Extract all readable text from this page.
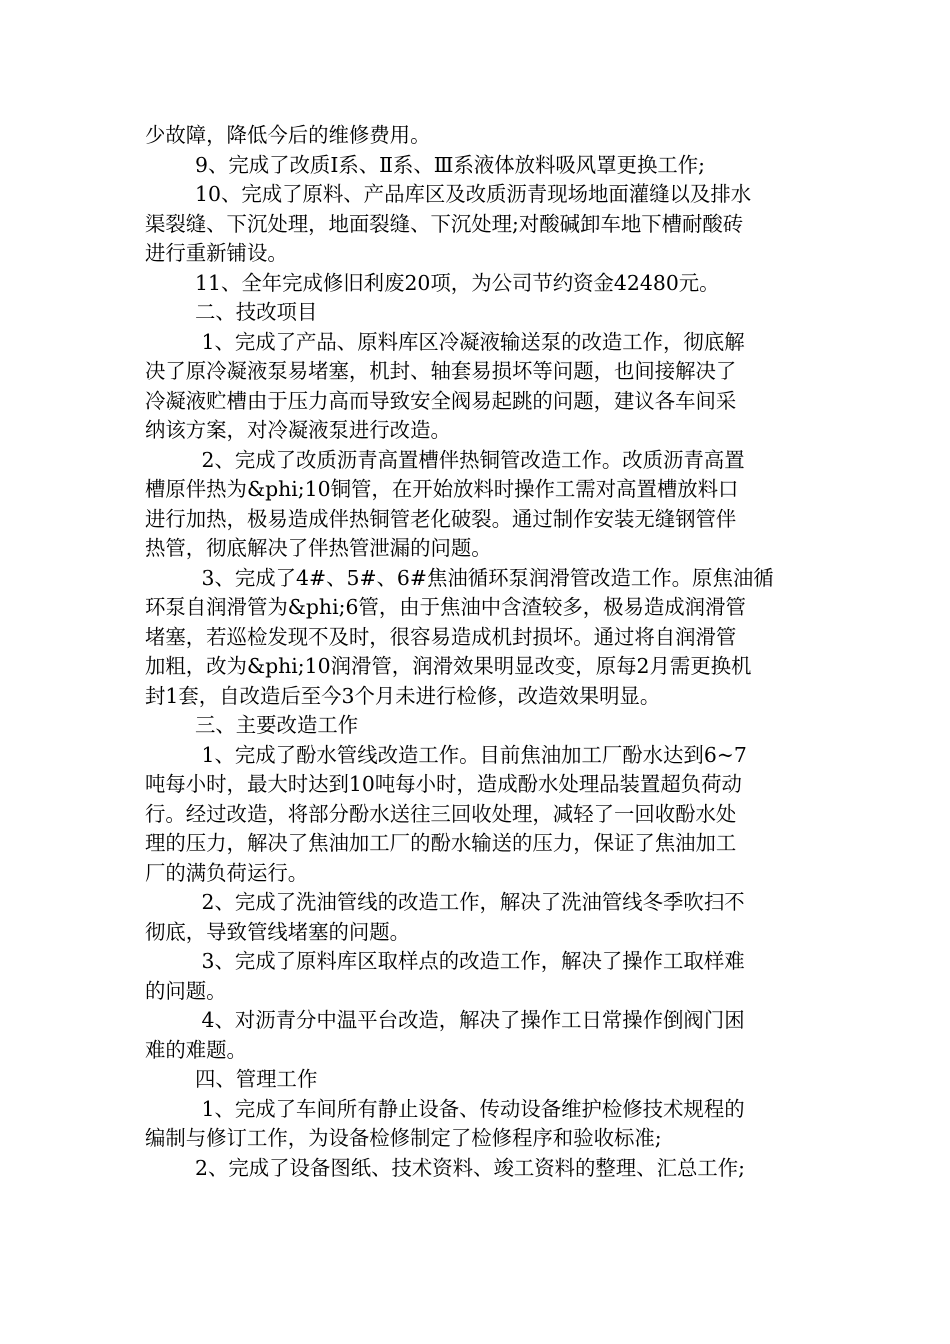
少故障，降低今后的维修费用。
9、完成了改质Ⅰ系、Ⅱ系、Ⅲ系液体放料吸风罩更换工作;
10、完成了原料、产品库区及改质沥青现场地面灌缝以及排水
渠裂缝、下沉处理，地面裂缝、下沉处理;对酸碱卸车地下槽耐酸砖
进行重新铺设。
11、全年完成修旧利废20项，为公司节约资金42480元。
二、技改项目
1、完成了产品、原料库区冷凝液输送泵的改造工作，彻底解
决了原冷凝液泵易堵塞，机封、轴套易损坏等问题，也间接解决了
冷凝液贮槽由于压力高而导致安全阀易起跳的问题，建议各车间采
纳该方案，对冷凝液泵进行改造。
2、完成了改质沥青高置槽伴热铜管改造工作。改质沥青高置
槽原伴热为&phi;10铜管，在开始放料时操作工需对高置槽放料口
进行加热，极易造成伴热铜管老化破裂。通过制作安装无缝钢管伴
热管，彻底解决了伴热管泄漏的问题。
3、完成了4#、5#、6#焦油循环泵润滑管改造工作。原焦油循
环泵自润滑管为&phi;6管，由于焦油中含渣较多，极易造成润滑管
堵塞，若巡检发现不及时，很容易造成机封损坏。通过将自润滑管
加粗，改为&phi;10润滑管，润滑效果明显改变，原每2月需更换机
封1套，自改造后至今3个月未进行检修，改造效果明显。
三、主要改造工作
1、完成了酚水管线改造工作。目前焦油加工厂酚水达到6~7
吨每小时，最大时达到10吨每小时，造成酚水处理品装置超负荷动
行。经过改造，将部分酚水送往三回收处理，减轻了一回收酚水处
理的压力，解决了焦油加工厂的酚水输送的压力，保证了焦油加工
厂的满负荷运行。
2、完成了洗油管线的改造工作，解决了洗油管线冬季吹扫不
彻底，导致管线堵塞的问题。
3、完成了原料库区取样点的改造工作，解决了操作工取样难
的问题。
4、对沥青分中温平台改造，解决了操作工日常操作倒阀门困
难的难题。
四、管理工作
1、完成了车间所有静止设备、传动设备维护检修技术规程的
编制与修订工作，为设备检修制定了检修程序和验收标准;
2、完成了设备图纸、技术资料、竣工资料的整理、汇总工作;
